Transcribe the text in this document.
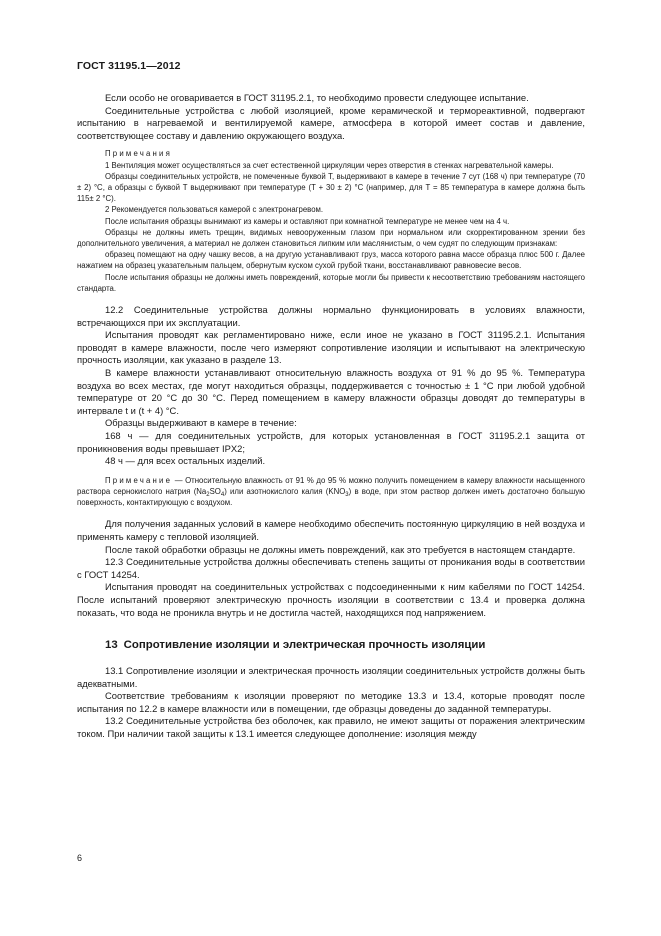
ГОСТ 31195.1—2012

Если особо не оговаривается в ГОСТ 31195.2.1, то необходимо провести следующее испытание.

Соединительные устройства с любой изоляцией, кроме керамической и термореактивной, подвергают испытанию в нагреваемой и вентилируемой камере, атмосфера в которой имеет состав и давление, соответствующее составу и давлению окружающего воздуха.

Примечания

1 Вентиляция может осуществляться за счет естественной циркуляции через отверстия в стенках нагревательной камеры.

Образцы соединительных устройств, не помеченные буквой Т, выдерживают в камере в течение 7 сут (168 ч) при температуре (70 ± 2) °С, а образцы с буквой Т выдерживают при температуре (T + 30 ± 2) °С (например, для T = 85 температура в камере должна быть 115± 2 °С).

2 Рекомендуется пользоваться камерой с электронагревом.

После испытания образцы вынимают из камеры и оставляют при комнатной температуре не менее чем на 4 ч.

Образцы не должны иметь трещин, видимых невооруженным глазом при нормальном или скорректированном зрении без дополнительного увеличения, а материал не должен становиться липким или маслянистым, о чем судят по следующим признакам:

образец помещают на одну чашку весов, а на другую устанавливают груз, масса которого равна массе образца плюс 500 г. Далее нажатием на образец указательным пальцем, обернутым куском сухой грубой ткани, восстанавливают равновесие весов.

После испытания образцы не должны иметь повреждений, которые могли бы привести к несоответствию требованиям настоящего стандарта.

12.2 Соединительные устройства должны нормально функционировать в условиях влажности, встречающихся при их эксплуатации.

Испытания проводят как регламентировано ниже, если иное не указано в ГОСТ 31195.2.1. Испытания проводят в камере влажности, после чего измеряют сопротивление изоляции и испытывают на электрическую прочность изоляции, как указано в разделе 13.

В камере влажности устанавливают относительную влажность воздуха от 91 % до 95 %. Температура воздуха во всех местах, где могут находиться образцы, поддерживается с точностью ± 1 °С при любой удобной температуре от 20 °С до 30 °С. Перед помещением в камеру влажности образцы доводят до температуры в интервале t и (t + 4) °С.

Образцы выдерживают в камере в течение:

168 ч — для соединительных устройств, для которых установленная в ГОСТ 31195.2.1 защита от проникновения воды превышает IPX2;

48 ч — для всех остальных изделий.

Примечание — Относительную влажность от 91 % до 95 % можно получить помещением в камеру влажности насыщенного раствора сернокислого натрия $(Na_2SO_4)$ или азотнокислого калия $(KNO_3)$ в воде, при этом раствор должен иметь достаточно большую поверхность, контактирующую с воздухом.

Для получения заданных условий в камере необходимо обеспечить постоянную циркуляцию в ней воздуха и применять камеру с тепловой изоляцией.

После такой обработки образцы не должны иметь повреждений, как это требуется в настоящем стандарте.

12.3 Соединительные устройства должны обеспечивать степень защиты от проникания воды в соответствии с ГОСТ 14254.

Испытания проводят на соединительных устройствах с подсоединенными к ним кабелями по ГОСТ 14254. После испытаний проверяют электрическую прочность изоляции в соответствии с 13.4 и проверка должна показать, что вода не проникла внутрь и не достигла частей, находящихся под напряжением.

13 Сопротивление изоляции и электрическая прочность изоляции

13.1 Сопротивление изоляции и электрическая прочность изоляции соединительных устройств должны быть адекватными.

Соответствие требованиям к изоляции проверяют по методике 13.3 и 13.4, которые проводят после испытания по 12.2 в камере влажности или в помещении, где образцы доведены до заданной температуры.

13.2 Соединительные устройства без оболочек, как правило, не имеют защиты от поражения электрическим током. При наличии такой защиты к 13.1 имеется следующее дополнение: изоляция между

6
